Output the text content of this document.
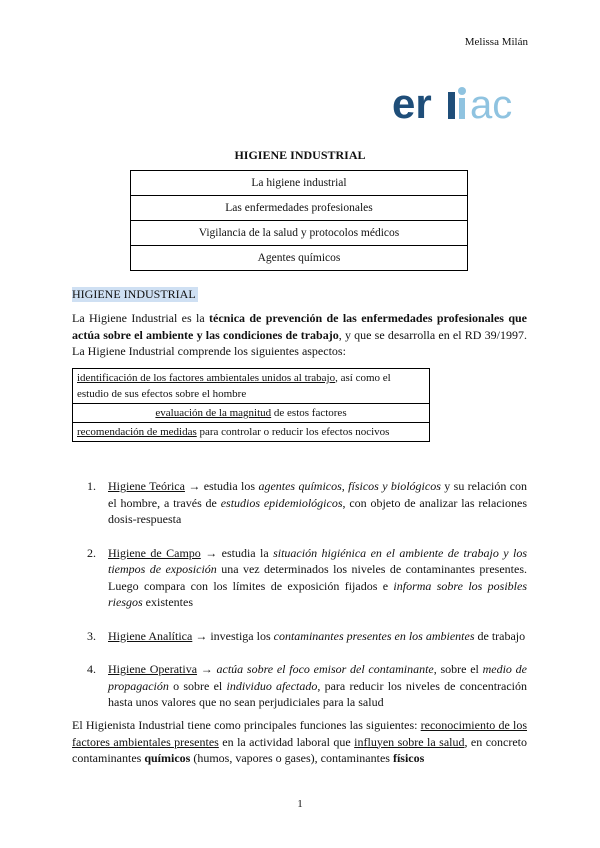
Melissa Milán
er ac
HIGIENE INDUSTRIAL
La higiene industrial
Las enfermedades profesionales
Vigilancia de la salud y protocolos médicos
Agentes químicos
HIGIENE INDUSTRIAL
La Higiene Industrial es la técnica de prevención de las enfermedades profesionales que actúa sobre el ambiente y las condiciones de trabajo, y que se desarrolla en el RD 39/1997. La Higiene Industrial comprende los siguientes aspectos:
identificación de los factores ambientales unidos al trabajo, así como el estudio de sus efectos sobre el hombre
evaluación de la magnitud de estos factores
recomendación de medidas para controlar o reducir los efectos nocivos
1. Higiene Teórica → estudia los agentes químicos, físicos y biológicos y su relación con el hombre, a través de estudios epidemiológicos, con objeto de analizar las relaciones dosis-respuesta
2. Higiene de Campo → estudia la situación higiénica en el ambiente de trabajo y los tiempos de exposición una vez determinados los niveles de contaminantes presentes. Luego compara con los límites de exposición fijados e informa sobre los posibles riesgos existentes
3. Higiene Analítica → investiga los contaminantes presentes en los ambientes de trabajo
4. Higiene Operativa → actúa sobre el foco emisor del contaminante, sobre el medio de propagación o sobre el individuo afectado, para reducir los niveles de concentración hasta unos valores que no sean perjudiciales para la salud
El Higienista Industrial tiene como principales funciones las siguientes: reconocimiento de los factores ambientales presentes en la actividad laboral que influyen sobre la salud, en concreto contaminantes químicos (humos, vapores o gases), contaminantes físicos
1
